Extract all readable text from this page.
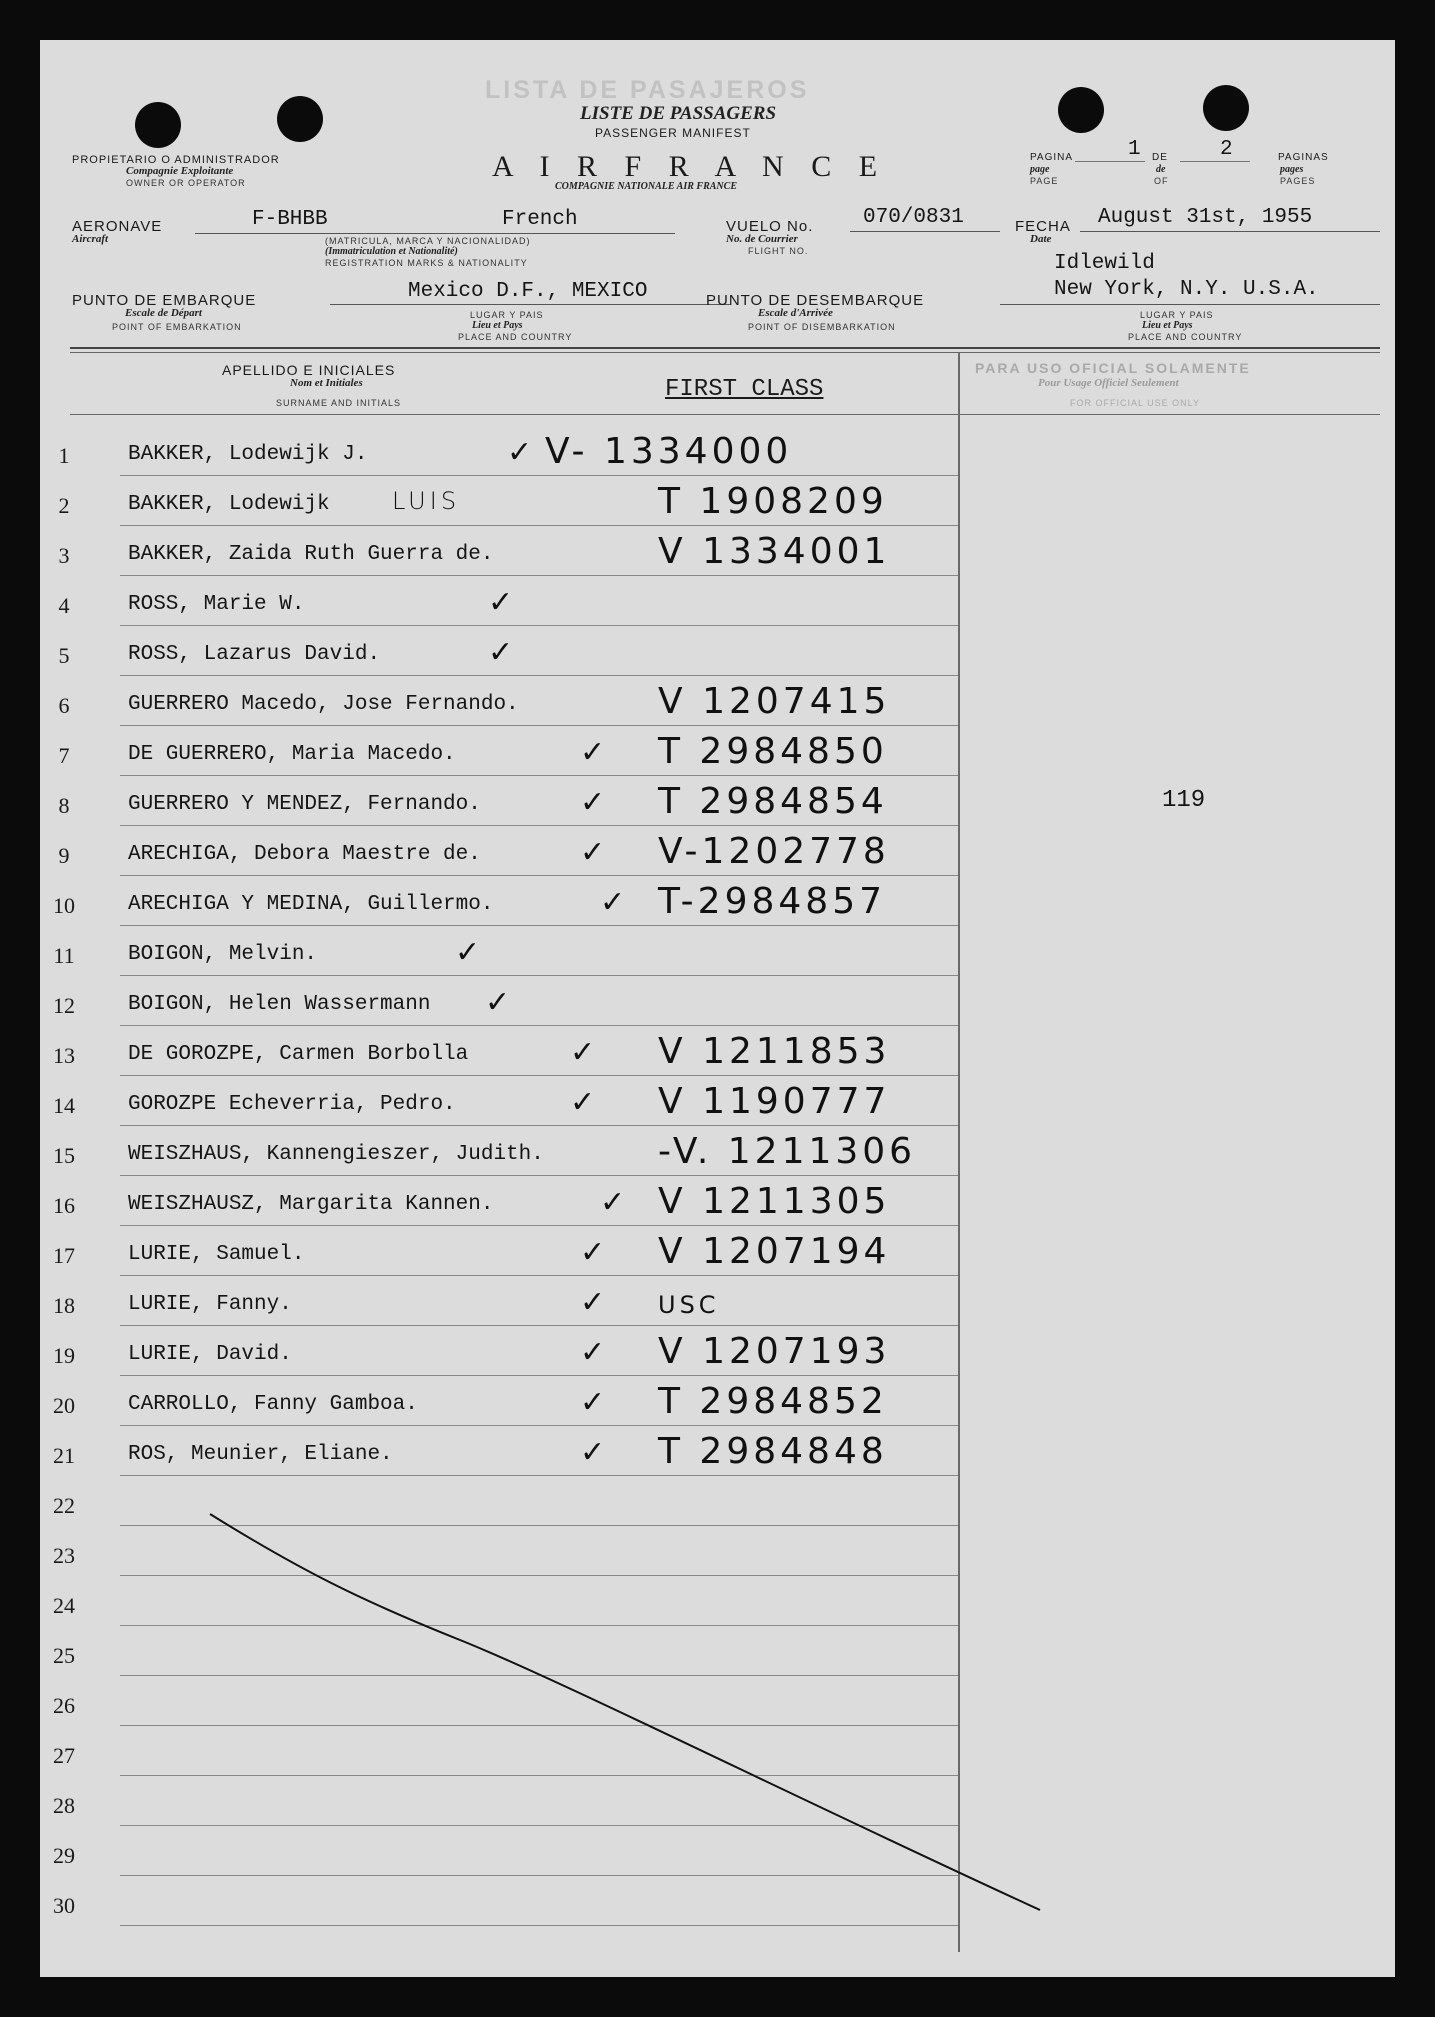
LISTA DE PASAJEROS
LISTE DE PASSAGERS
PASSENGER MANIFEST
PROPIETARIO O ADMINISTRADOR
Compagnie Exploitante
OWNER OR OPERATOR	A I R F R A N C E
COMPAGNIE NATIONALE AIR FRANCE
PAGINA
page
PAGE
1 DE
de
OF
2	PAGINAS
pages
PAGES
AERONAVE
Aircraft
F-BHBB	French
(MATRICULA, MARCA Y NACIONALIDAD)
(Immatriculation et Nationalité)
REGISTRATION MARKS & NATIONALITY
VUELO No.
No. de Courrier
FLIGHT NO.
070/0831	FECHA
Date
August 31st, 1955
PUNTO DE EMBARQUE
Escale de Départ
POINT OF EMBARKATION
Mexico D.F., MEXICO
LUGAR Y PAIS
Lieu et Pays
PLACE AND COUNTRY
PUNTO DE DESEMBARQUE
Escale d'Arrivée
POINT OF DISEMBARKATION
Idlewild
New York, N.Y. U.S.A.
LUGAR Y PAIS
Lieu et Pays
PLACE AND COUNTRY
APELLIDO E INICIALES
Nom et Initiales
SURNAME AND INITIALS	FIRST CLASS
PARA USO OFICIAL SOLAMENTE
Pour Usage Officiel Seulement
FOR OFFICIAL USE ONLY
1	BAKKER, Lodewijk J.	✓ V- 1334000
2	BAKKER, Lodewijk	LUIS	T 1908209
3	BAKKER, Zaida Ruth Guerra de.	V 1334001
4	ROSS, Marie W.	✓
5	ROSS, Lazarus David.	✓
6	GUERRERO Macedo, Jose Fernando.	V 1207415
7	DE GUERRERO, Maria Macedo.	✓ T 2984850
8	GUERRERO Y MENDEZ, Fernando.	✓ T 2984854	119
9	ARECHIGA, Debora Maestre de.	✓ V-1202778
10	ARECHIGA Y MEDINA, Guillermo.	✓ T-2984857
11	BOIGON, Melvin.	✓
12	BOIGON, Helen Wassermann ✓
13	DE GOROZPE, Carmen Borbolla	✓ V 1211853
14	GOROZPE Echeverria, Pedro.	✓ V 1190777
15	WEISZHAUS, Kannengieszer, Judith.	-V. 1211306
16	WEISZHAUSZ, Margarita Kannen.	✓ V 1211305
17	LURIE, Samuel.	✓ V 1207194
18	LURIE, Fanny.	✓ USC
19	LURIE, David.	✓ V 1207193
20	CARROLLO, Fanny Gamboa.	✓ T 2984852
21	ROS, Meunier, Eliane.	✓ T 2984848
22
23
24
25
26
27
28
29
30
